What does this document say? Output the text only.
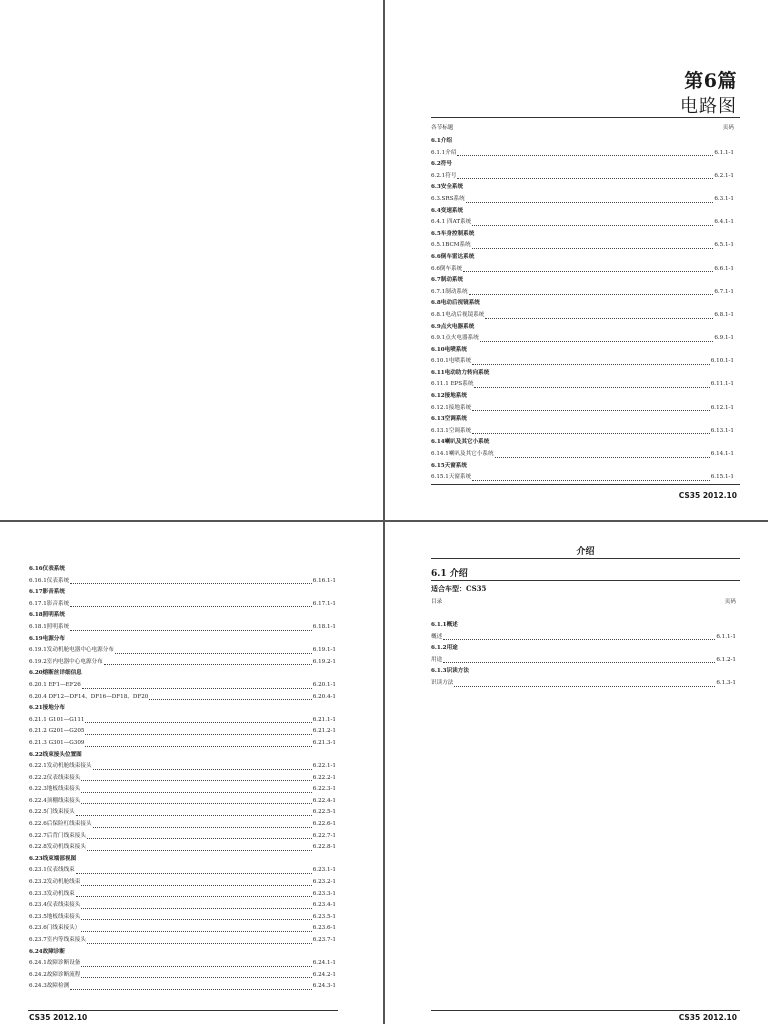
第6篇
电路图
各节标题	页码
6.1介绍
6.1.1介绍	6.1.1-1
6.2符号
6.2.1符号	6.2.1-1
6.3安全系统
6.3.SRS系统	6.3.1-1
6.4变速系统
6.4.1 四AT系统	6.4.1-1
6.5车身控制系统
6.5.1BCM系统	6.5.1-1
6.6倒车雷达系统
6.6倒车系统	6.6.1-1
6.7制动系统
6.7.1制动系统	6.7.1-1
6.8电动后视镜系统
6.8.1电动后视镜系统	6.8.1-1
6.9点火电器系统
6.9.1点火电器系统	6.9.1-1
6.10电喷系统
6.10.1电喷系统	6.10.1-1
6.11电动助力转向系统
6.11.1 EPS系统	6.11.1-1
6.12接地系统
6.12.1接地系统	6.12.1-1
6.13空调系统
6.13.1空调系统	6.13.1-1
6.14喇叭及其它小系统
6.14.1喇叭及其它小系统	6.14.1-1
6.15天窗系统
6.15.1天窗系统	6.15.1-1
CS35 2012.10
6.16仪表系统
6.16.1仪表系统	6.16.1-1
6.17影音系统
6.17.1影音系统	6.17.1-1
6.18照明系统
6.18.1照明系统	6.18.1-1
6.19电源分布
6.19.1发动机舱电器中心电源分布	6.19.1-1
6.19.2室内电器中心电源分布	6.19.2-1
6.20熔断丝详细信息
6.20.1 EF1—EF26	6.20.1-1
6.20.4 DF12—DF14、DF16—DF18、DF20	6.20.4-1
6.21接地分布
6.21.1 G101—G111	6.21.1-1
6.21.2 G201—G205	6.21.2-1
6.21.3 G301—G309	6.21.3-1
6.22线束接头位置图
6.22.1发动机舱线束接头	6.22.1-1
6.22.2仪表线束接头	6.22.2-1
6.22.3地板线束接头	6.22.3-1
6.22.4顶棚线束接头	6.22.4-1
6.22.5门线束接头	6.22.5-1
6.22.6后保险杠线束接头	6.22.6-1
6.22.7后背门线束接头	6.22.7-1
6.22.8发动机线束接头	6.22.8-1
6.23线束端部视图
6.23.1仪表线线束	6.23.1-1
6.23.2发动机舱线束	6.23.2-1
6.23.3发动机线束	6.23.3-1
6.23.4仪表线束接头	6.23.4-1
6.23.5地板线束接头	6.23.5-1
6.23.6门线束接头）	6.23.6-1
6.23.7室内等线束接头	6.23.7-1
6.24故障诊断
6.24.1故障诊断设备	6.24.1-1
6.24.2故障诊断流程	6.24.2-1
6.24.3故障检测	6.24.3-1
CS35 2012.10
介绍
6.1 介绍
适合车型：CS35
目录	页码
6.1.1概述
概述	6.1.1-1
6.1.2用途
用途	6.1.2-1
6.1.3识读方法
识读方法	6.1.3-1
CS35 2012.10
